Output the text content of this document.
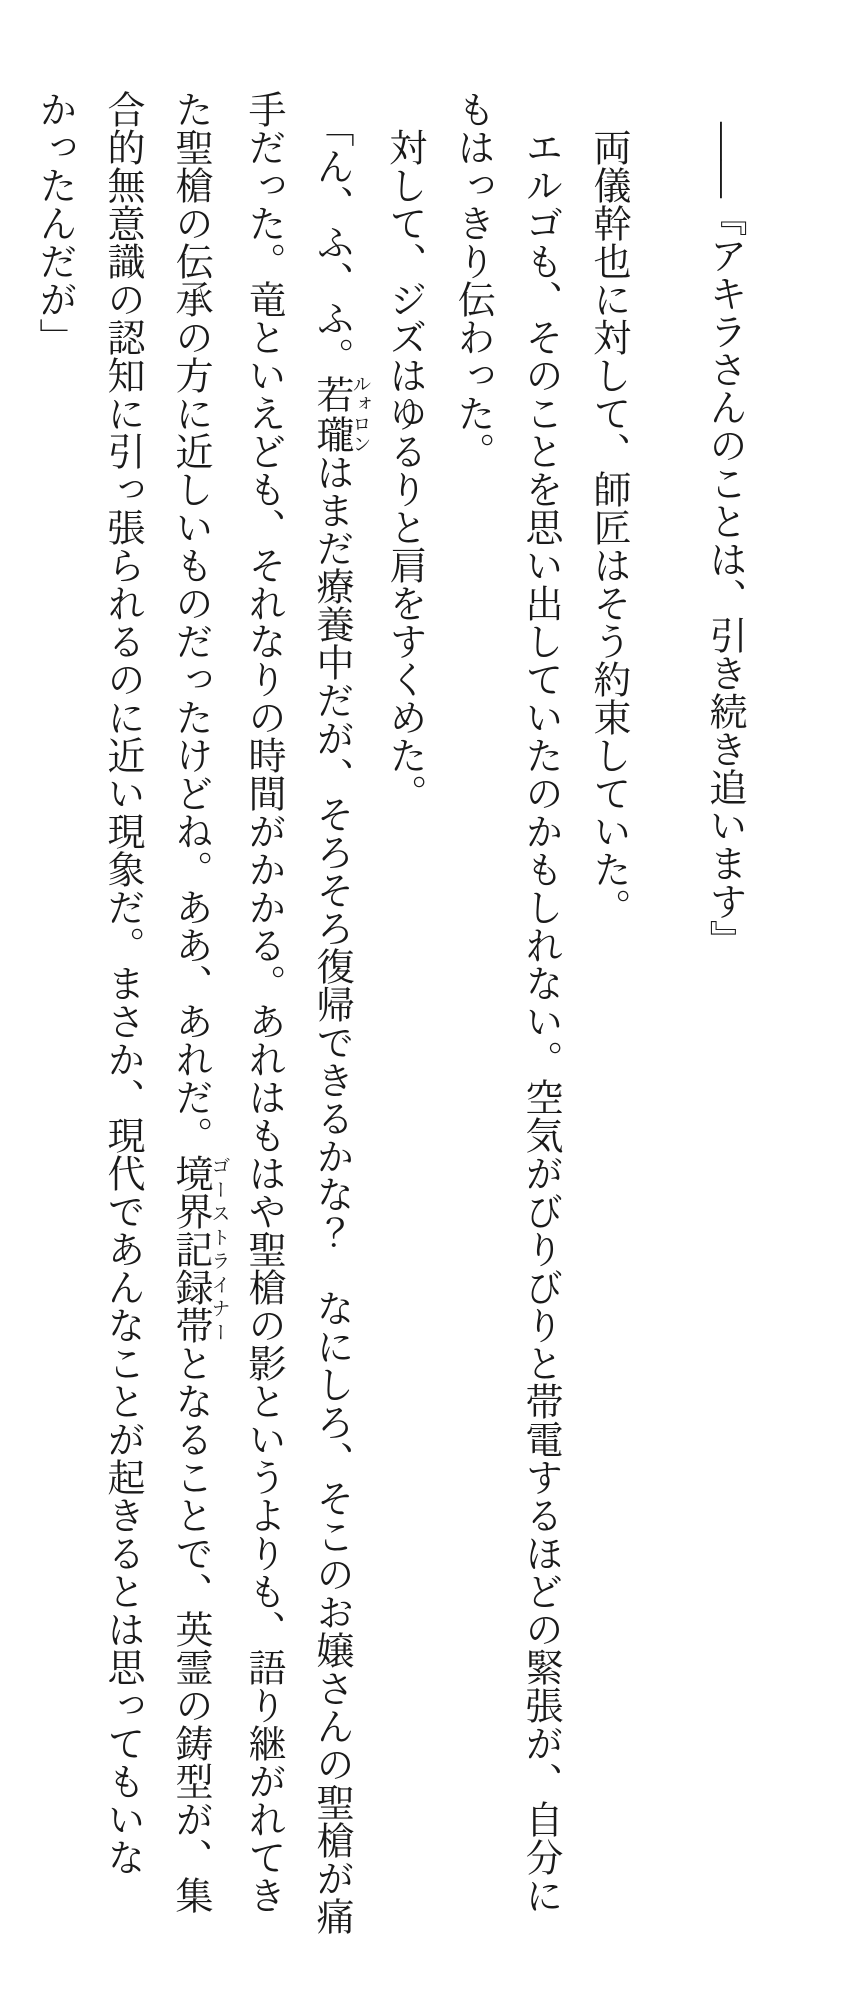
――『アキラさんのことは、引き続き追います』

両儀幹也に対して、師匠はそう約束していた。

エルゴも、そのことを思い出していたのかもしれない。空気がびりびりと帯電するほどの緊張が、自分に

もはっきり伝わった。

対して、ジズはゆるりと肩をすくめた。

「ん、ふ、ふ。若瓏ルォロンはまだ療養中だが、そろそろ復帰できるかな？　なにしろ、そこのお嬢さんの聖槍が痛

手だった。竜といえども、それなりの時間がかかる。あれはもはや聖槍の影というよりも、語り継がれてき

た聖槍の伝承の方に近しいものだったけどね。ああ、あれだ。境界記録帯ゴーストライナーとなることで、英霊の鋳型が、集

合的無意識の認知に引っ張られるのに近い現象だ。まさか、現代であんなことが起きるとは思ってもいな

かったんだが」
